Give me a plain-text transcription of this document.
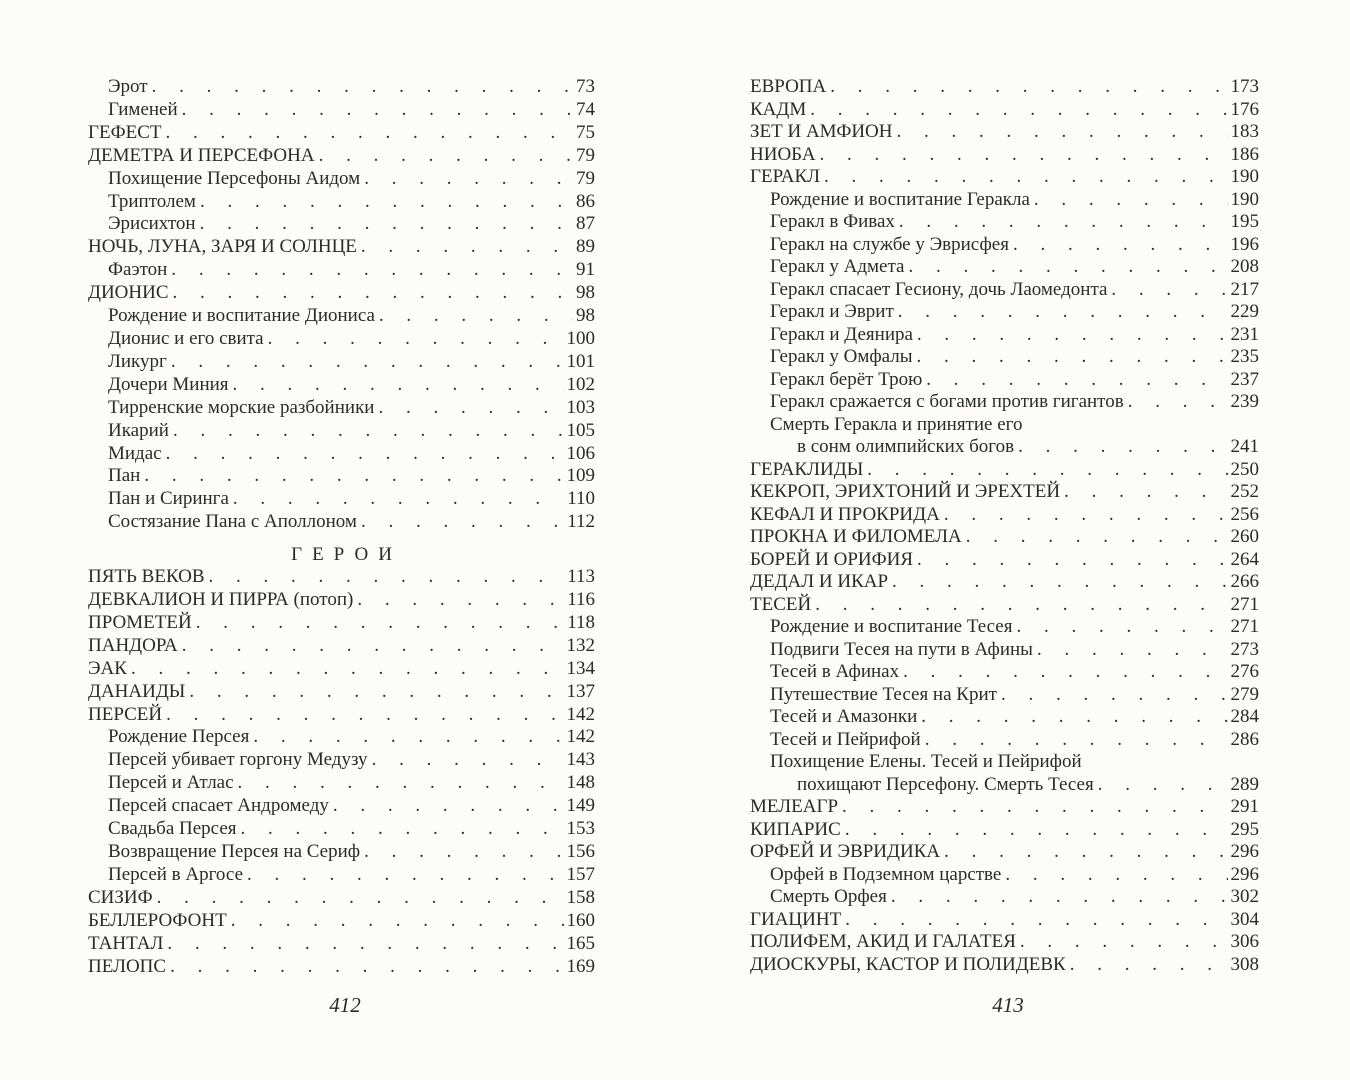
Эрот . . .	73
Гименей . . .	74
ГЕФЕСТ . . .	75
ДЕМЕТРА И ПЕРСЕФОНА . . .	79
Похищение Персефоны Аидом . . .	79
Триптолем . . .	86
Эрисихтон . . .	87
НОЧЬ, ЛУНА, ЗАРЯ И СОЛНЦЕ . . .	89
Фаэтон . . .	91
ДИОНИС . . .	98
Рождение и воспитание Диониса . . .	98
Дионис и его свита . . .	100
Ликург . . .	101
Дочери Миния . . .	102
Тирренские морские разбойники . . .	103
Икарий . . .	105
Мидас . . .	106
Пан . . .	109
Пан и Сиринга . . .	110
Состязание Пана с Аполлоном . . .	112
ГЕРОИ
ПЯТЬ ВЕКОВ . . .	113
ДЕВКАЛИОН И ПИРРА (потоп) . . .	116
ПРОМЕТЕЙ . . .	118
ПАНДОРА . . .	132
ЭАК . . .	134
ДАНАИДЫ . . .	137
ПЕРСЕЙ . . .	142
Рождение Персея . . .	142
Персей убивает горгону Медузу . . .	143
Персей и Атлас . . .	148
Персей спасает Андромеду . . .	149
Свадьба Персея . . .	153
Возвращение Персея на Сериф . . .	156
Персей в Аргосе . . .	157
СИЗИФ . . .	158
БЕЛЛЕРОФОНТ . . .	160
ТАНТАЛ . . .	165
ПЕЛОПС . . .	169
ЕВРОПА . . .	173
КАДМ . . .	176
ЗЕТ И АМФИОН . . .	183
НИОБА . . .	186
ГЕРАКЛ . . .	190
Рождение и воспитание Геракла . . .	190
Геракл в Фивах . . .	195
Геракл на службе у Эврисфея . . .	196
Геракл у Адмета . . .	208
Геракл спасает Гесиону, дочь Лаомедонта . . .	217
Геракл и Эврит . . .	229
Геракл и Деянира . . .	231
Геракл у Омфалы . . .	235
Геракл берёт Трою . . .	237
Геракл сражается с богами против гигантов . . .	239
Смерть Геракла и принятие его
в сонм олимпийских богов . . .	241
ГЕРАКЛИДЫ . . .	250
КЕКРОП, ЭРИХТОНИЙ И ЭРЕХТЕЙ . . .	252
КЕФАЛ И ПРОКРИДА . . .	256
ПРОКНА И ФИЛОМЕЛА . . .	260
БОРЕЙ И ОРИФИЯ . . .	264
ДЕДАЛ И ИКАР . . .	266
ТЕСЕЙ . . .	271
Рождение и воспитание Тесея . . .	271
Подвиги Тесея на пути в Афины . . .	273
Тесей в Афинах . . .	276
Путешествие Тесея на Крит . . .	279
Тесей и Амазонки . . .	284
Тесей и Пейрифой . . .	286
Похищение Елены. Тесей и Пейрифой
похищают Персефону. Смерть Тесея . . .	289
МЕЛЕАГР . . .	291
КИПАРИС . . .	295
ОРФЕЙ И ЭВРИДИКА . . .	296
Орфей в Подземном царстве . . .	296
Смерть Орфея . . .	302
ГИАЦИНТ . . .	304
ПОЛИФЕМ, АКИД И ГАЛАТЕЯ . . .	306
ДИОСКУРЫ, КАСТОР И ПОЛИДЕВК . . .	308
412	413
